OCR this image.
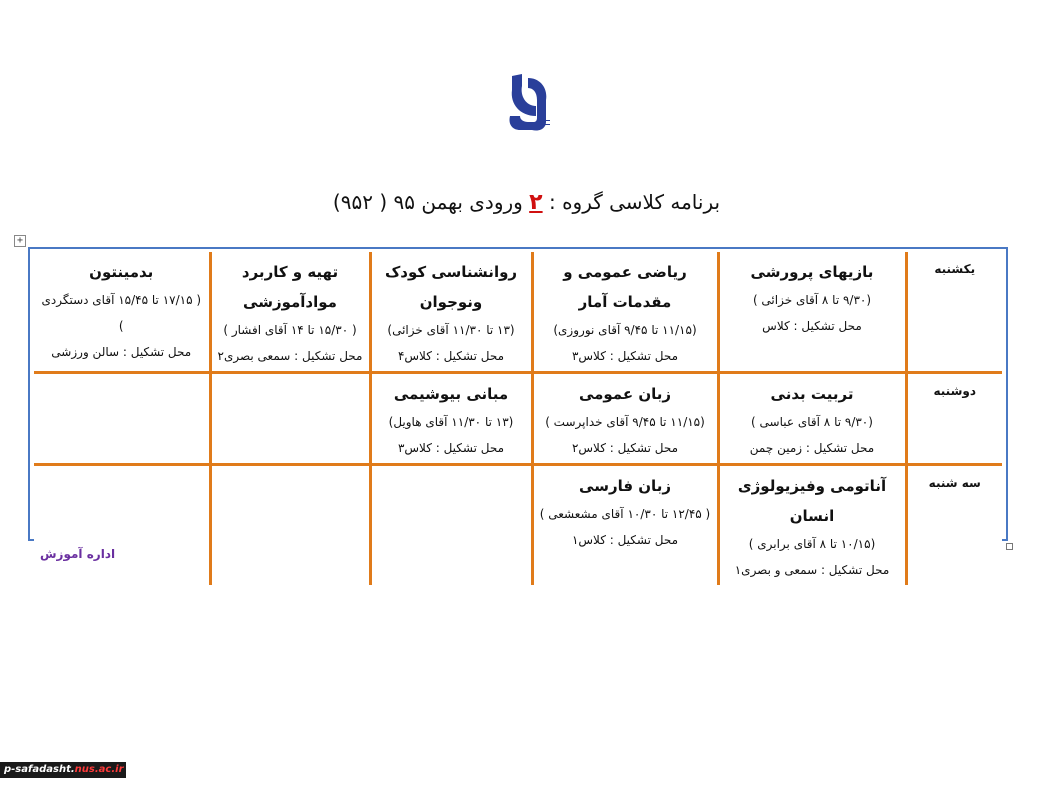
برنامه کلاسی گروه : ۲ ورودی بهمن ۹۵ ( ۹۵۲)
+
یکشنبه	بازیهای پرورشی
(۹/۳۰ تا ۸ آقای خزائی )
محل تشکیل : کلاس	ریاضی عمومی و مقدمات آمار
(۱۱/۱۵ تا ۹/۴۵ آقای نوروزی)
محل تشکیل : کلاس۳	روانشناسی کودک ونوجوان
(۱۳ تا ۱۱/۳۰ آقای خزائی)
محل تشکیل : کلاس۴	تهیه و کاربرد موادآموزشی
( ۱۵/۳۰ تا ۱۴ آقای افشار )
محل تشکیل : سمعی بصری۲	بدمینتون
( ۱۷/۱۵ تا ۱۵/۴۵ آقای دستگردی )
محل تشکیل : سالن ورزشی

دوشنبه	تربیت بدنی
(۹/۳۰ تا ۸ آقای عباسی )
محل تشکیل : زمین چمن	زبان عمومی
(۱۱/۱۵ تا ۹/۴۵ آقای خداپرست )
محل تشکیل : کلاس۲	مبانی بیوشیمی
(۱۳ تا ۱۱/۳۰ آقای هاویل)
محل تشکیل : کلاس۳		

سه شنبه	آناتومی وفیزیولوژی انسان
(۱۰/۱۵ تا ۸ آقای برابری )
محل تشکیل : سمعی و بصری۱	زبان فارسی
( ۱۲/۴۵ تا ۱۰/۳۰ آقای مشعشعی )
محل تشکیل : کلاس۱			

اداره آموزش
p-safadasht.nus.ac.ir
